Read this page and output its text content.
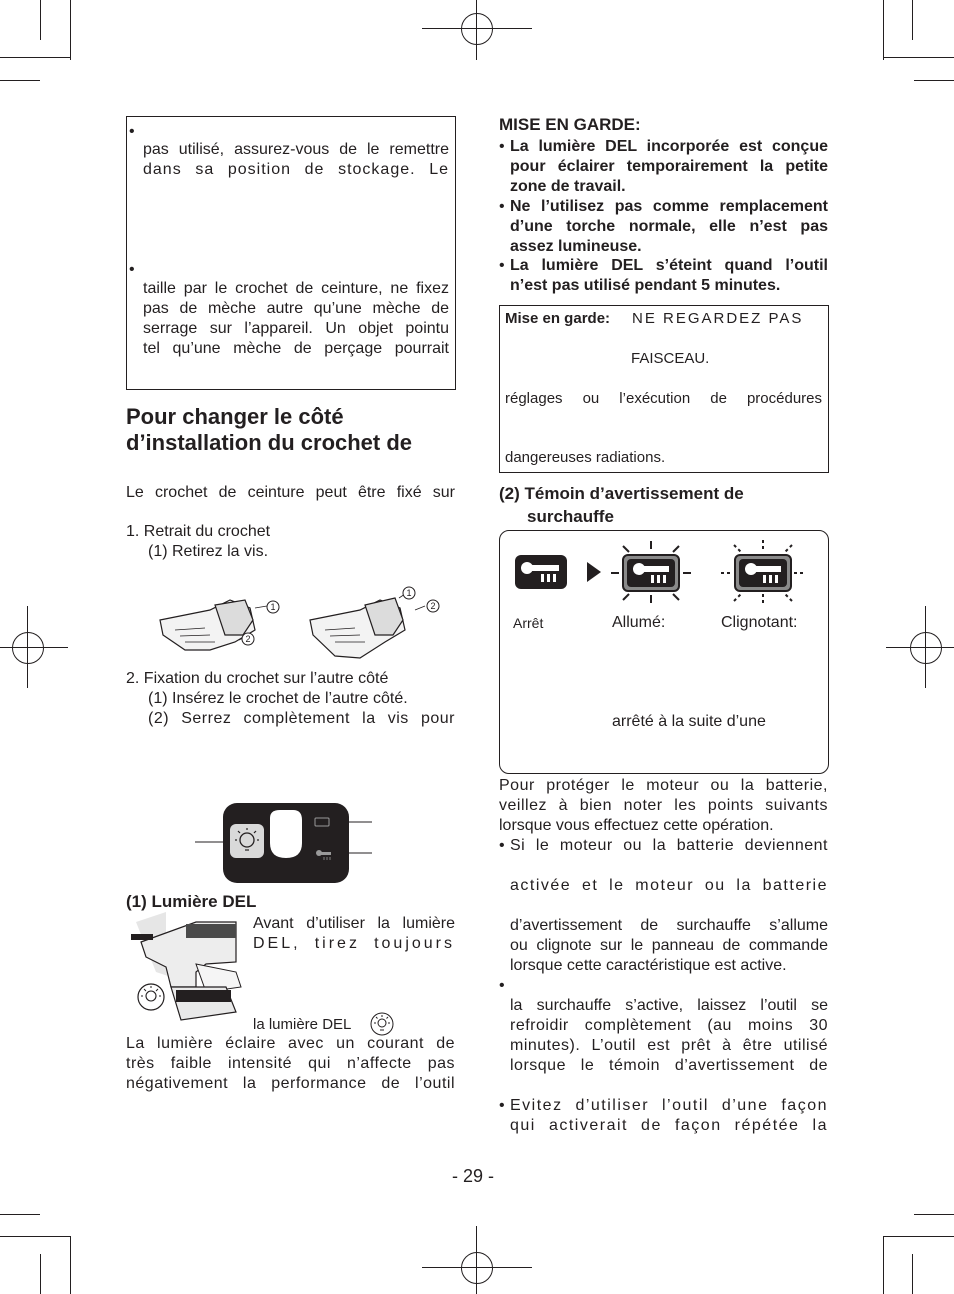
•
pas utilisé, assurez-vous de le remettre
dans sa position de stockage. Le
•
taille par le crochet de ceinture, ne fixez
pas de mèche autre qu’une mèche de
serrage sur l’appareil. Un objet pointu
tel qu’une mèche de perçage pourrait
Pour changer le côté
d’installation du crochet de
Le crochet de ceinture peut être fixé sur
1. Retrait du crochet
(1) Retirez la vis.
1
2
1
2
2. Fixation du crochet sur l’autre côté
(1) Insérez le crochet de l’autre côté.
(2) Serrez complètement la vis pour
(1) Lumière DEL
Avant d’utiliser la lumière
DEL, tirez toujours
la lumière DEL
La lumière éclaire avec un courant de
très faible intensité qui n’affecte pas
négativement la performance de l’outil
MISE EN GARDE:
• La lumière DEL incorporée est conçue
pour éclairer temporairement la petite
zone de travail.
• Ne l’utilisez pas comme remplacement
d’une torche normale, elle n’est pas
assez lumineuse.
• La lumière DEL s’éteint quand l’outil
n’est pas utilisé pendant 5 minutes.
Mise en garde: NE REGARDEZ PAS
FAISCEAU.
réglages ou l’exécution de procédures
dangereuses radiations.
(2) Témoin d’avertissement de
surchauffe
Arrêt	Allumé:	Clignotant:
arrêté à la suite d’une
Pour protéger le moteur ou la batterie,
veillez à bien noter les points suivants
lorsque vous effectuez cette opération.
• Si le moteur ou la batterie deviennent
activée et le moteur ou la batterie
d’avertissement de surchauffe s’allume
ou clignote sur le panneau de commande
lorsque cette caractéristique est active.
•
la surchauffe s’active, laissez l’outil se
refroidir complètement (au moins 30
minutes). L’outil est prêt à être utilisé
lorsque le témoin d’avertissement de
• Evitez d’utiliser l’outil d’une façon
qui activerait de façon répétée la
- 29 -
